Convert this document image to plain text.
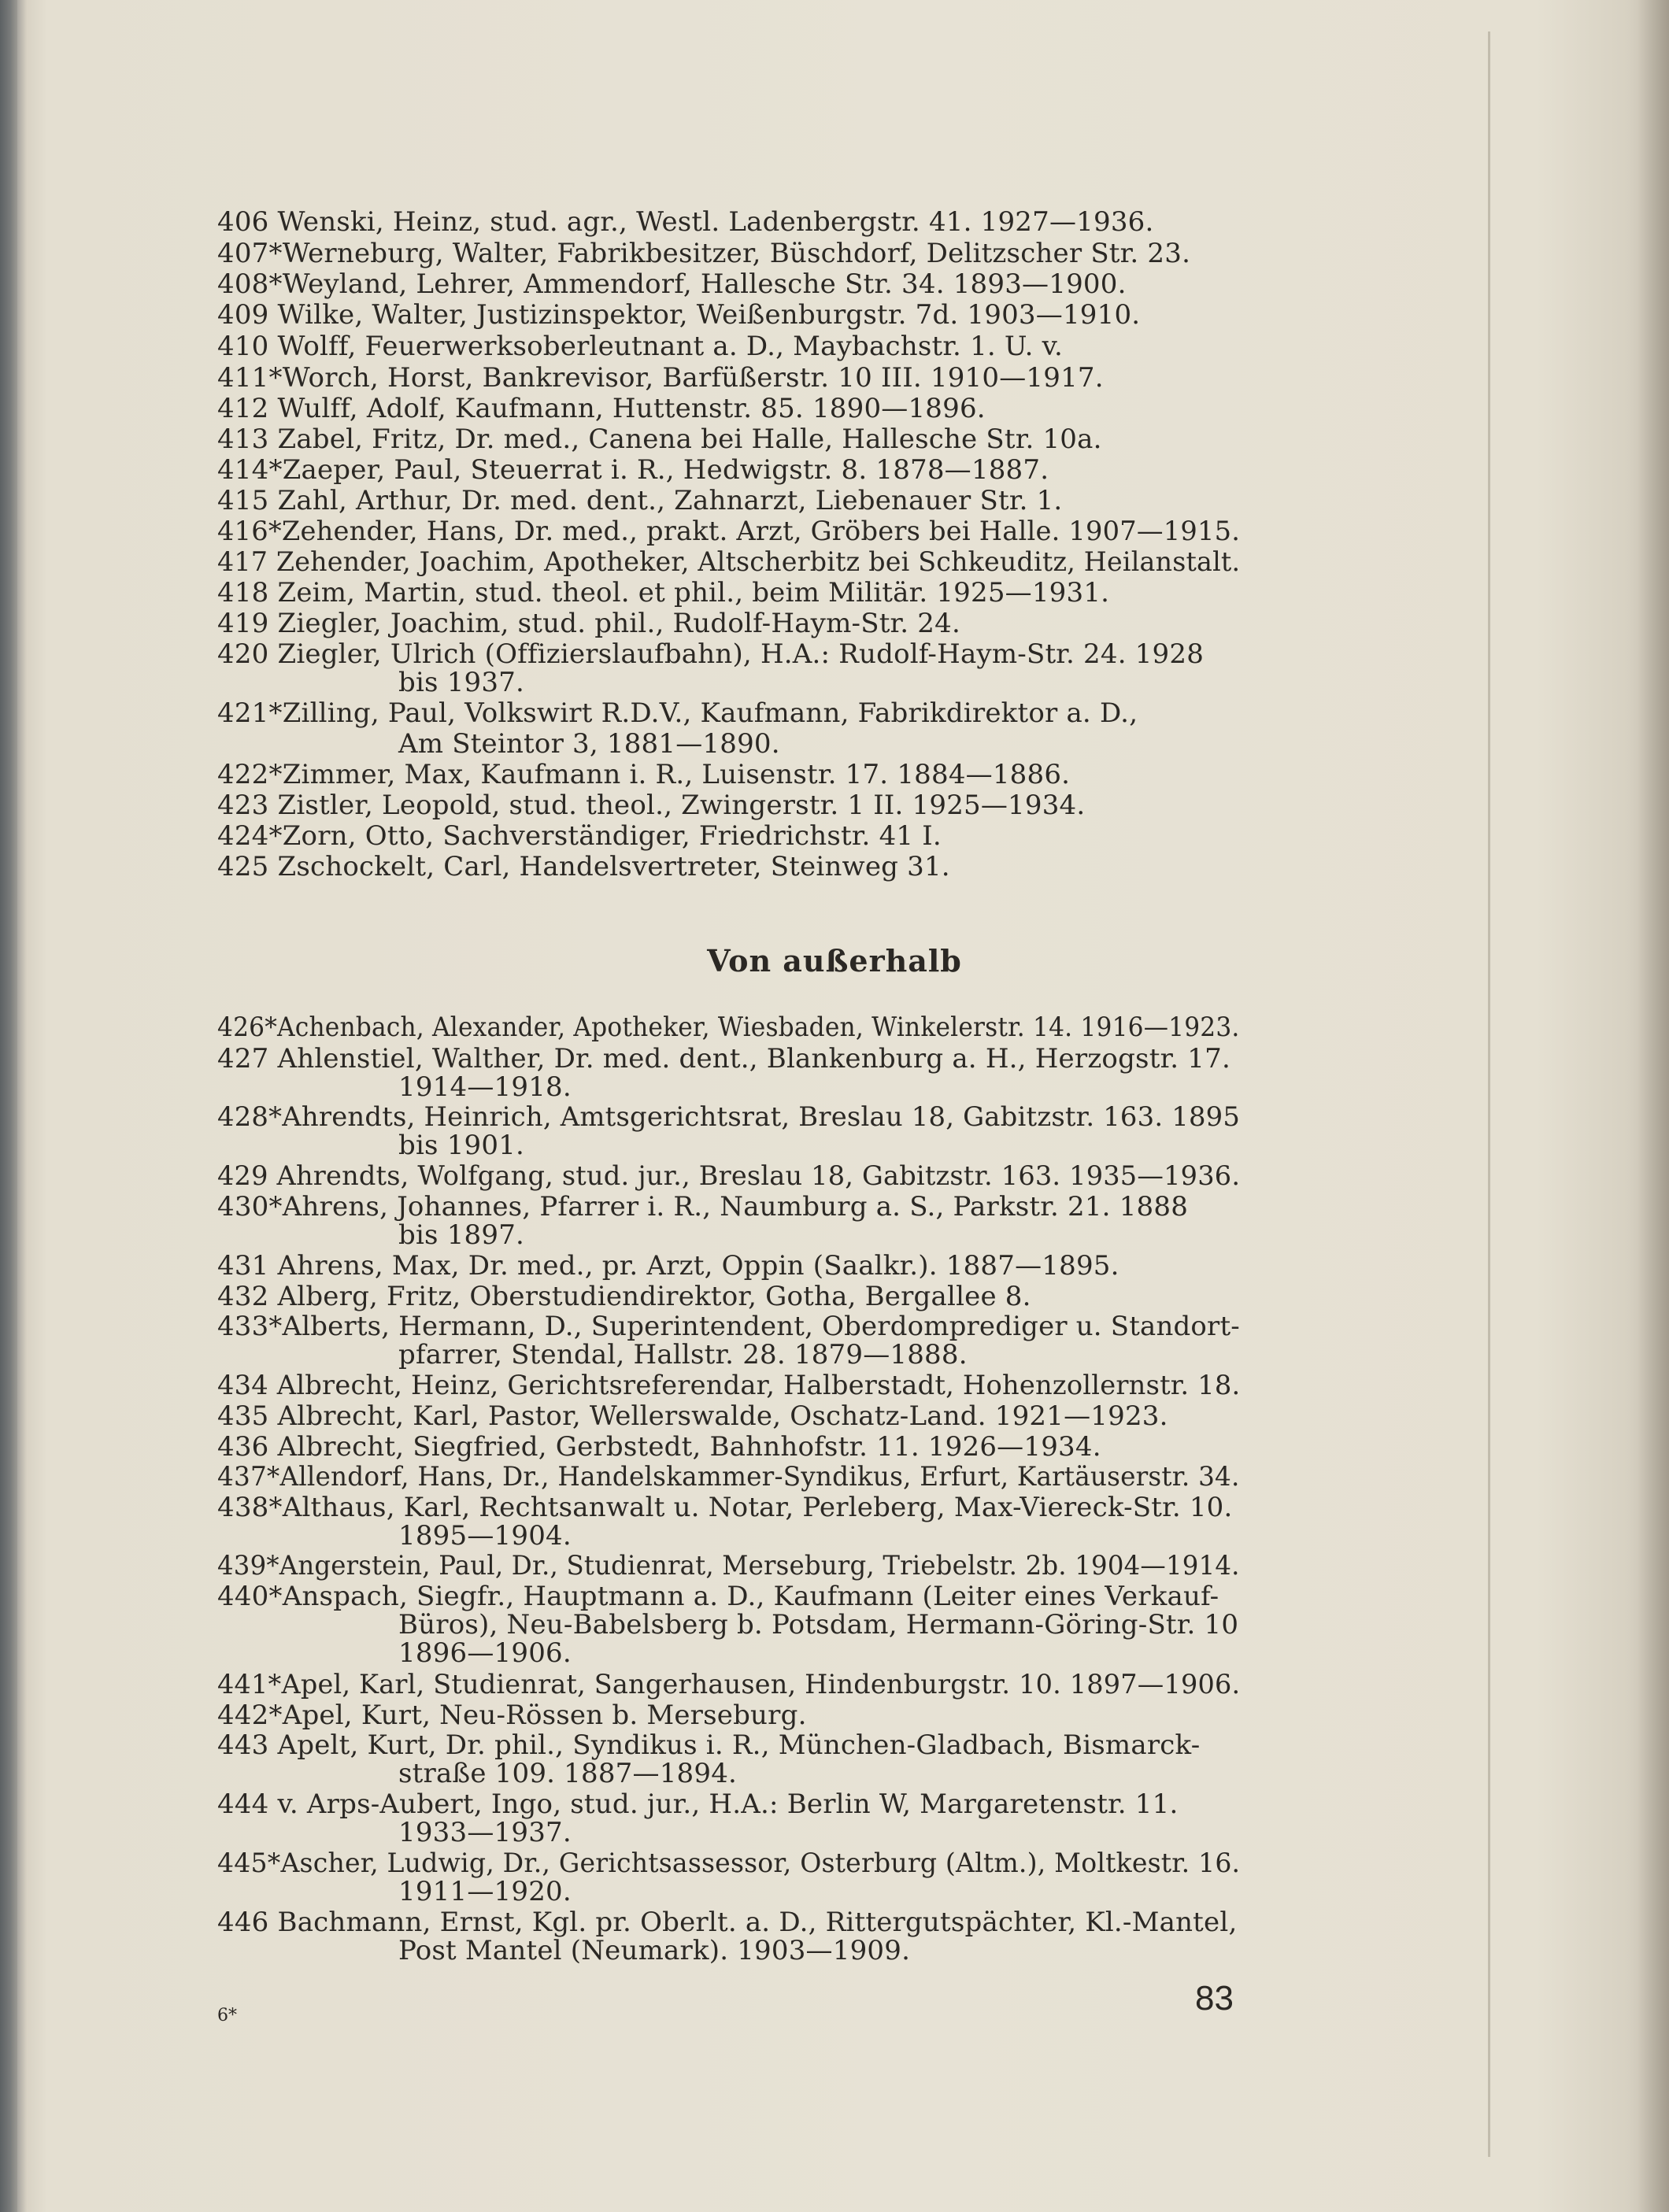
406 Wenski, Heinz, stud. agr., Westl. Ladenbergstr. 41. 1927—1936.
407*Werneburg, Walter, Fabrikbesitzer, Büschdorf, Delitzscher Str. 23.
408*Weyland, Lehrer, Ammendorf, Hallesche Str. 34. 1893—1900.
409 Wilke, Walter, Justizinspektor, Weißenburgstr. 7d. 1903—1910.
410 Wolff, Feuerwerksoberleutnant a. D., Maybachstr. 1. U. v.
411*Worch, Horst, Bankrevisor, Barfüßerstr. 10 III. 1910—1917.
412 Wulff, Adolf, Kaufmann, Huttenstr. 85. 1890—1896.
413 Zabel, Fritz, Dr. med., Canena bei Halle, Hallesche Str. 10a.
414*Zaeper, Paul, Steuerrat i. R., Hedwigstr. 8. 1878—1887.
415 Zahl, Arthur, Dr. med. dent., Zahnarzt, Liebenauer Str. 1.
416*Zehender, Hans, Dr. med., prakt. Arzt, Gröbers bei Halle. 1907—1915.
417 Zehender, Joachim, Apotheker, Altscherbitz bei Schkeuditz, Heilanstalt.
418 Zeim, Martin, stud. theol. et phil., beim Militär. 1925—1931.
419 Ziegler, Joachim, stud. phil., Rudolf-Haym-Str. 24.
420 Ziegler, Ulrich (Offizierslaufbahn), H.A.: Rudolf-Haym-Str. 24. 1928
bis 1937.
421*Zilling, Paul, Volkswirt R.D.V., Kaufmann, Fabrikdirektor a. D.,
Am Steintor 3, 1881—1890.
422*Zimmer, Max, Kaufmann i. R., Luisenstr. 17. 1884—1886.
423 Zistler, Leopold, stud. theol., Zwingerstr. 1 II. 1925—1934.
424*Zorn, Otto, Sachverständiger, Friedrichstr. 41 I.
425 Zschockelt, Carl, Handelsvertreter, Steinweg 31.
Von außerhalb
426*Achenbach, Alexander, Apotheker, Wiesbaden, Winkelerstr. 14. 1916—1923.
427 Ahlenstiel, Walther, Dr. med. dent., Blankenburg a. H., Herzogstr. 17.
1914—1918.
428*Ahrendts, Heinrich, Amtsgerichtsrat, Breslau 18, Gabitzstr. 163. 1895
bis 1901.
429 Ahrendts, Wolfgang, stud. jur., Breslau 18, Gabitzstr. 163. 1935—1936.
430*Ahrens, Johannes, Pfarrer i. R., Naumburg a. S., Parkstr. 21. 1888
bis 1897.
431 Ahrens, Max, Dr. med., pr. Arzt, Oppin (Saalkr.). 1887—1895.
432 Alberg, Fritz, Oberstudiendirektor, Gotha, Bergallee 8.
433*Alberts, Hermann, D., Superintendent, Oberdomprediger u. Standort-
pfarrer, Stendal, Hallstr. 28. 1879—1888.
434 Albrecht, Heinz, Gerichtsreferendar, Halberstadt, Hohenzollernstr. 18.
435 Albrecht, Karl, Pastor, Wellerswalde, Oschatz-Land. 1921—1923.
436 Albrecht, Siegfried, Gerbstedt, Bahnhofstr. 11. 1926—1934.
437*Allendorf, Hans, Dr., Handelskammer-Syndikus, Erfurt, Kartäuserstr. 34.
438*Althaus, Karl, Rechtsanwalt u. Notar, Perleberg, Max-Viereck-Str. 10.
1895—1904.
439*Angerstein, Paul, Dr., Studienrat, Merseburg, Triebelstr. 2b. 1904—1914.
440*Anspach, Siegfr., Hauptmann a. D., Kaufmann (Leiter eines Verkauf-
Büros), Neu-Babelsberg b. Potsdam, Hermann-Göring-Str. 10
1896—1906.
441*Apel, Karl, Studienrat, Sangerhausen, Hindenburgstr. 10. 1897—1906.
442*Apel, Kurt, Neu-Rössen b. Merseburg.
443 Apelt, Kurt, Dr. phil., Syndikus i. R., München-Gladbach, Bismarck-
straße 109. 1887—1894.
444 v. Arps-Aubert, Ingo, stud. jur., H.A.: Berlin W, Margaretenstr. 11.
1933—1937.
445*Ascher, Ludwig, Dr., Gerichtsassessor, Osterburg (Altm.), Moltkestr. 16.
1911—1920.
446 Bachmann, Ernst, Kgl. pr. Oberlt. a. D., Rittergutspächter, Kl.-Mantel,
Post Mantel (Neumark). 1903—1909.
6*	83
